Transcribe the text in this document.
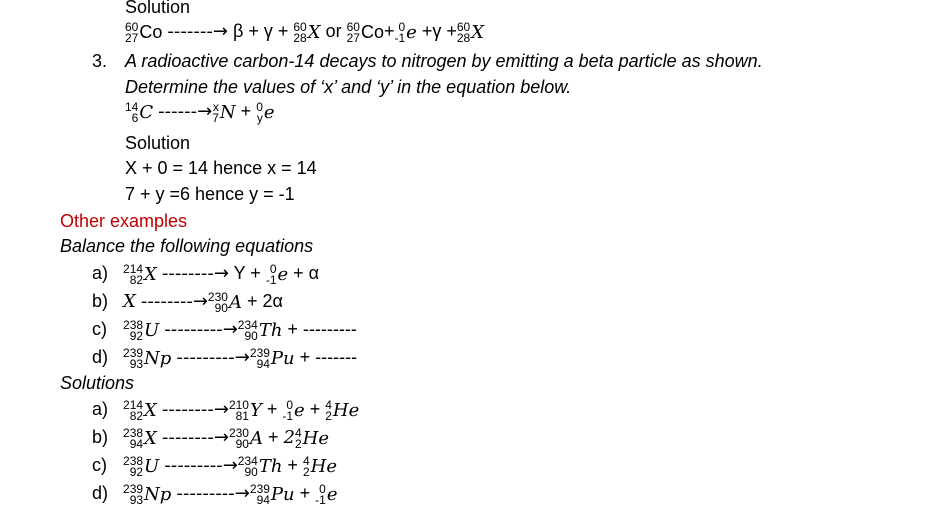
Solution
60
27 Co -------→ β + γ + 60
28 X or 60
27 Co+ 0
-1 e +γ + 60
28 X
3. A radioactive carbon-14 decays to nitrogen by emitting a beta particle as shown.
Determine the values of ‘x’ and ‘y’ in the equation below.
14
6 C ------→ x
7 N + 0
y e
Solution
X + 0 = 14 hence x = 14
7 + y =6 hence y = -1
Other examples
Balance the following equations
a) 214
82 X --------→ Y + 0
-1 e + α
b) X --------→ 230
90 A + 2α
c) 238
92 U ---------→ 234
90 Th + ---------
d) 239
93 Np ---------→ 239
94 Pu + -------
Solutions
a) 214
82 X --------→ 210
81 Y + 0
-1 e + 4
2 He
b) 238
94 X --------→ 230
90 A + 2 4
2 He
c) 238
92 U ---------→ 234
90 Th + 4
2 He
d) 239
93 Np ---------→ 239
94 Pu + 0
-1 e
